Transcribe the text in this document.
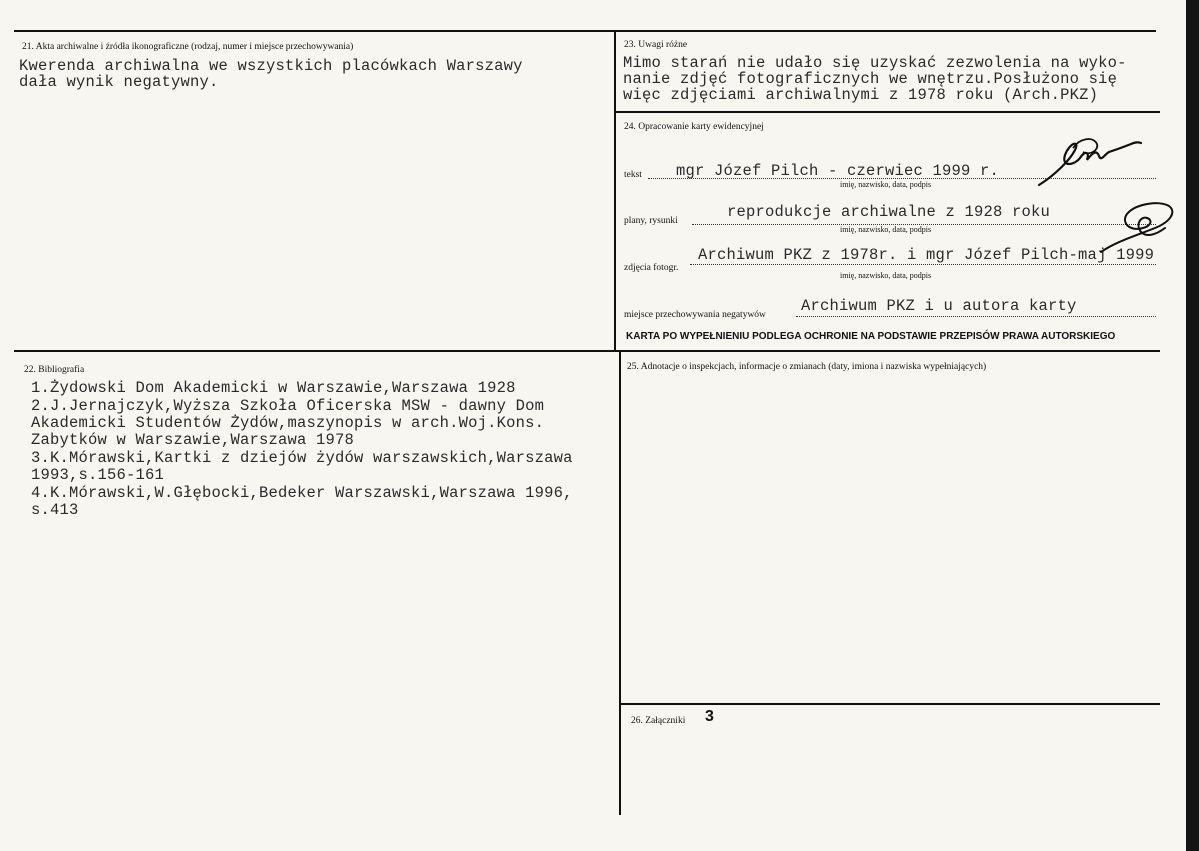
21. Akta archiwalne i źródła ikonograficzne (rodzaj, numer i miejsce przechowywania)
Kwerenda archiwalna we wszystkich placówkach Warszawy
dała wynik negatywny.
23. Uwagi różne
Mimo starań nie udało się uzyskać zezwolenia na wyko-
nanie zdjęć fotograficznych we wnętrzu.Posłużono się
więc zdjęciami archiwalnymi z 1978 roku (Arch.PKZ)
24. Opracowanie karty ewidencyjnej
tekst mgr Józef Pilch - czerwiec 1999 r.
imię, nazwisko, data, podpis
plany, rysunki	reprodukcje archiwalne z 1928 roku
imię, nazwisko, data, podpis
zdjęcia fotogr.
Archiwum PKZ z 1978r. i mgr Józef Pilch-maj 1999
imię, nazwisko, data, podpis
miejsce przechowywania negatywów Archiwum PKZ i u autora karty
KARTA PO WYPEŁNIENIU PODLEGA OCHRONIE NA PODSTAWIE PRZEPISÓW PRAWA AUTORSKIEGO
22. Bibliografia
1.Żydowski Dom Akademicki w Warszawie,Warszawa 1928
2.J.Jernajczyk,Wyższa Szkoła Oficerska MSW - dawny Dom
Akademicki Studentów Żydów,maszynopis w arch.Woj.Kons.
Zabytków w Warszawie,Warszawa 1978
3.K.Mórawski,Kartki z dziejów żydów warszawskich,Warszawa
1993,s.156-161
4.K.Mórawski,W.Głębocki,Bedeker Warszawski,Warszawa 1996,
s.413
25. Adnotacje o inspekcjach, informacje o zmianach (daty, imiona i nazwiska wypełniających)
26. Załączniki 3
